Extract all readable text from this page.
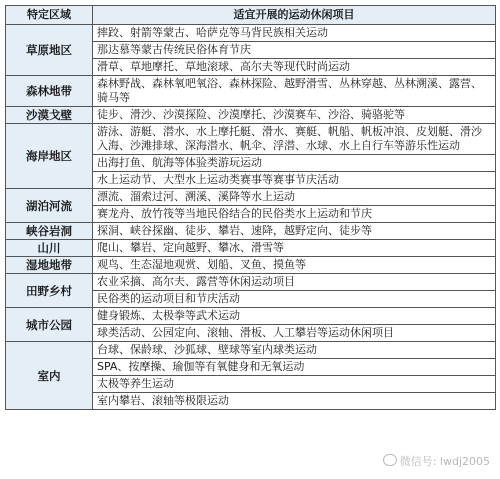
特定区域	适宜开展的运动休闲项目
草原地区	摔跤、射箭等蒙古、哈萨克等马背民族相关运动
	那达慕等蒙古传统民俗体育节庆
	滑草、草地摩托、草地滚球、高尔夫等现代时尚运动
森林地带	森林野战、森林氧吧氧浴、森林探险、越野滑雪、丛林穿越、丛林溯溪、露营、骑马等
沙漠戈壁	徒步、滑沙、沙漠探险、沙漠摩托、沙漠赛车、沙浴、骑骆驼等
海岸地区	游泳、游艇、潜水、水上摩托艇、滑水、赛艇、帆船、帆板冲浪、皮划艇、滑沙入海、沙滩排球、深海潜水、帆伞、浮潜、水球、水上自行车等游乐性运动
	出海打鱼、航海等体验类游玩运动
	水上运动节、大型水上运动类赛事等赛事节庆活动
湖泊河流	漂流、溜索过河、溯溪、溪降等水上运动
	赛龙舟、放竹筏等当地民俗结合的民俗类水上运动和节庆
峡谷岩洞	探洞、峡谷探幽、徒步、攀岩、速降，越野定向、徒步等
山川	爬山、攀岩、定向越野、攀冰、滑雪等
湿地地带	观鸟、生态湿地观赏、划船、叉鱼、摸鱼等
田野乡村	农业采摘、高尔夫、露营等休闲运动项目
	民俗类的运动项目和节庆活动
城市公园	健身锻炼、太极拳等武术运动
	球类活动、公园定向、滚轴、滑板、人工攀岩等运动休闲项目
室内	台球、保龄球、沙狐球、壁球等室内球类运动
	SPA、按摩操、瑜伽等有氧健身和无氧运动
	太极等养生运动
	室内攀岩、滚轴等极限运动
微信号: lwdj2005
